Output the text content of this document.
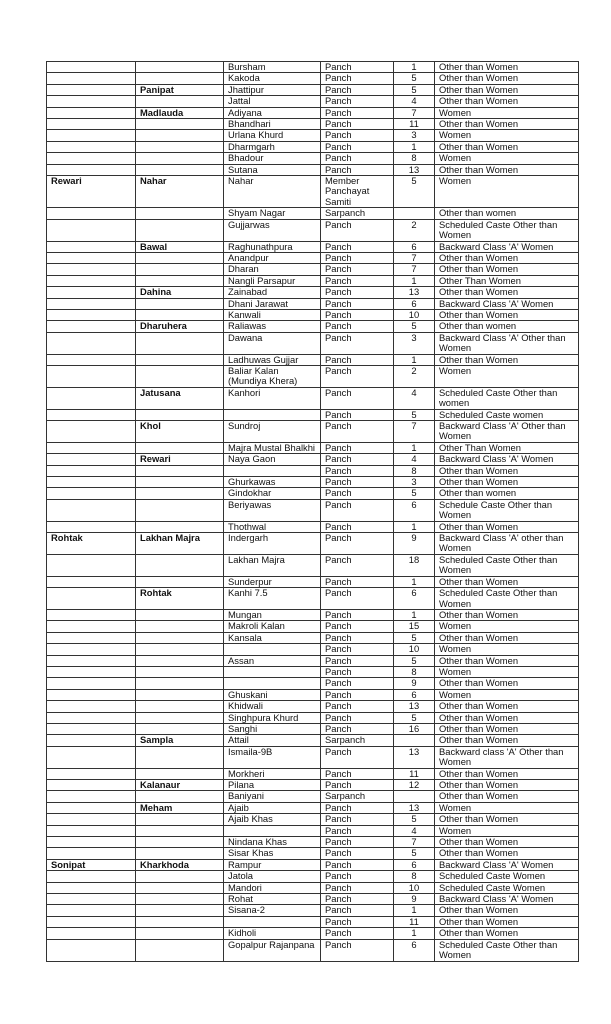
		Bursham	Panch	1	Other than Women
		Kakoda	Panch	5	Other than Women
	Panipat	Jhattipur	Panch	5	Other than Women
		Jattal	Panch	4	Other than Women
	Madlauda	Adiyana	Panch	7	Women
		Bhandhari	Panch	11	Other than Women
		Urlana Khurd	Panch	3	Women
		Dharmgarh	Panch	1	Other than Women
		Bhadour	Panch	8	Women
		Sutana	Panch	13	Other than Women
Rewari	Nahar	Nahar	Member Panchayat Samiti	5	Women
		Shyam Nagar	Sarpanch		Other than women
		Gujjarwas	Panch	2	Scheduled Caste Other than Women
	Bawal	Raghunathpura	Panch	6	Backward Class 'A' Women
		Anandpur	Panch	7	Other than Women
		Dharan	Panch	7	Other than Women
		Nangli Parsapur	Panch	1	Other Than Women
	Dahina	Zainabad	Panch	13	Other than Women
		Dhani Jarawat	Panch	6	Backward Class 'A' Women
		Kanwali	Panch	10	Other than Women
	Dharuhera	Raliawas	Panch	5	Other than women
		Dawana	Panch	3	Backward Class 'A' Other than Women
		Ladhuwas Gujjar	Panch	1	Other than Women
		Baliar Kalan (Mundiya Khera)	Panch	2	Women
	Jatusana	Kanhori	Panch	4	Scheduled Caste Other than women
			Panch	5	Scheduled Caste women
	Khol	Sundroj	Panch	7	Backward Class 'A' Other than Women
		Majra Mustal Bhalkhi	Panch	1	Other Than Women
	Rewari	Naya Gaon	Panch	4	Backward Class 'A' Women
			Panch	8	Other than Women
		Ghurkawas	Panch	3	Other than Women
		Gindokhar	Panch	5	Other than women
		Beriyawas	Panch	6	Schedule Caste Other than Women
		Thothwal	Panch	1	Other than Women
Rohtak	Lakhan Majra	Indergarh	Panch	9	Backward Class 'A' other than Women
		Lakhan Majra	Panch	18	Scheduled Caste Other than Women
		Sunderpur	Panch	1	Other than Women
	Rohtak	Kanhi 7.5	Panch	6	Scheduled Caste Other than Women
		Mungan	Panch	1	Other than Women
		Makroli Kalan	Panch	15	Women
		Kansala	Panch	5	Other than Women
			Panch	10	Women
		Assan	Panch	5	Other than Women
			Panch	8	Women
			Panch	9	Other than Women
		Ghuskani	Panch	6	Women
		Khidwali	Panch	13	Other than Women
		Singhpura Khurd	Panch	5	Other than Women
		Sanghi	Panch	16	Other than Women
	Sampla	Attail	Sarpanch		Other than Women
		Ismaila-9B	Panch	13	Backward class 'A' Other than Women
		Morkheri	Panch	11	Other than Women
	Kalanaur	Pilana	Panch	12	Other than Women
		Baniyani	Sarpanch		Other than Women
	Meham	Ajaib	Panch	13	Women
		Ajaib Khas	Panch	5	Other than Women
			Panch	4	Women
		Nindana Khas	Panch	7	Other than Women
		Sisar Khas	Panch	5	Other than Women
Sonipat	Kharkhoda	Rampur	Panch	6	Backward Class 'A' Women
		Jatola	Panch	8	Scheduled Caste Women
		Mandori	Panch	10	Scheduled Caste Women
		Rohat	Panch	9	Backward Class 'A' Women
		Sisana-2	Panch	1	Other than Women
			Panch	11	Other than Women
		Kidholi	Panch	1	Other than Women
		Gopalpur Rajanpana	Panch	6	Scheduled Caste Other than Women
